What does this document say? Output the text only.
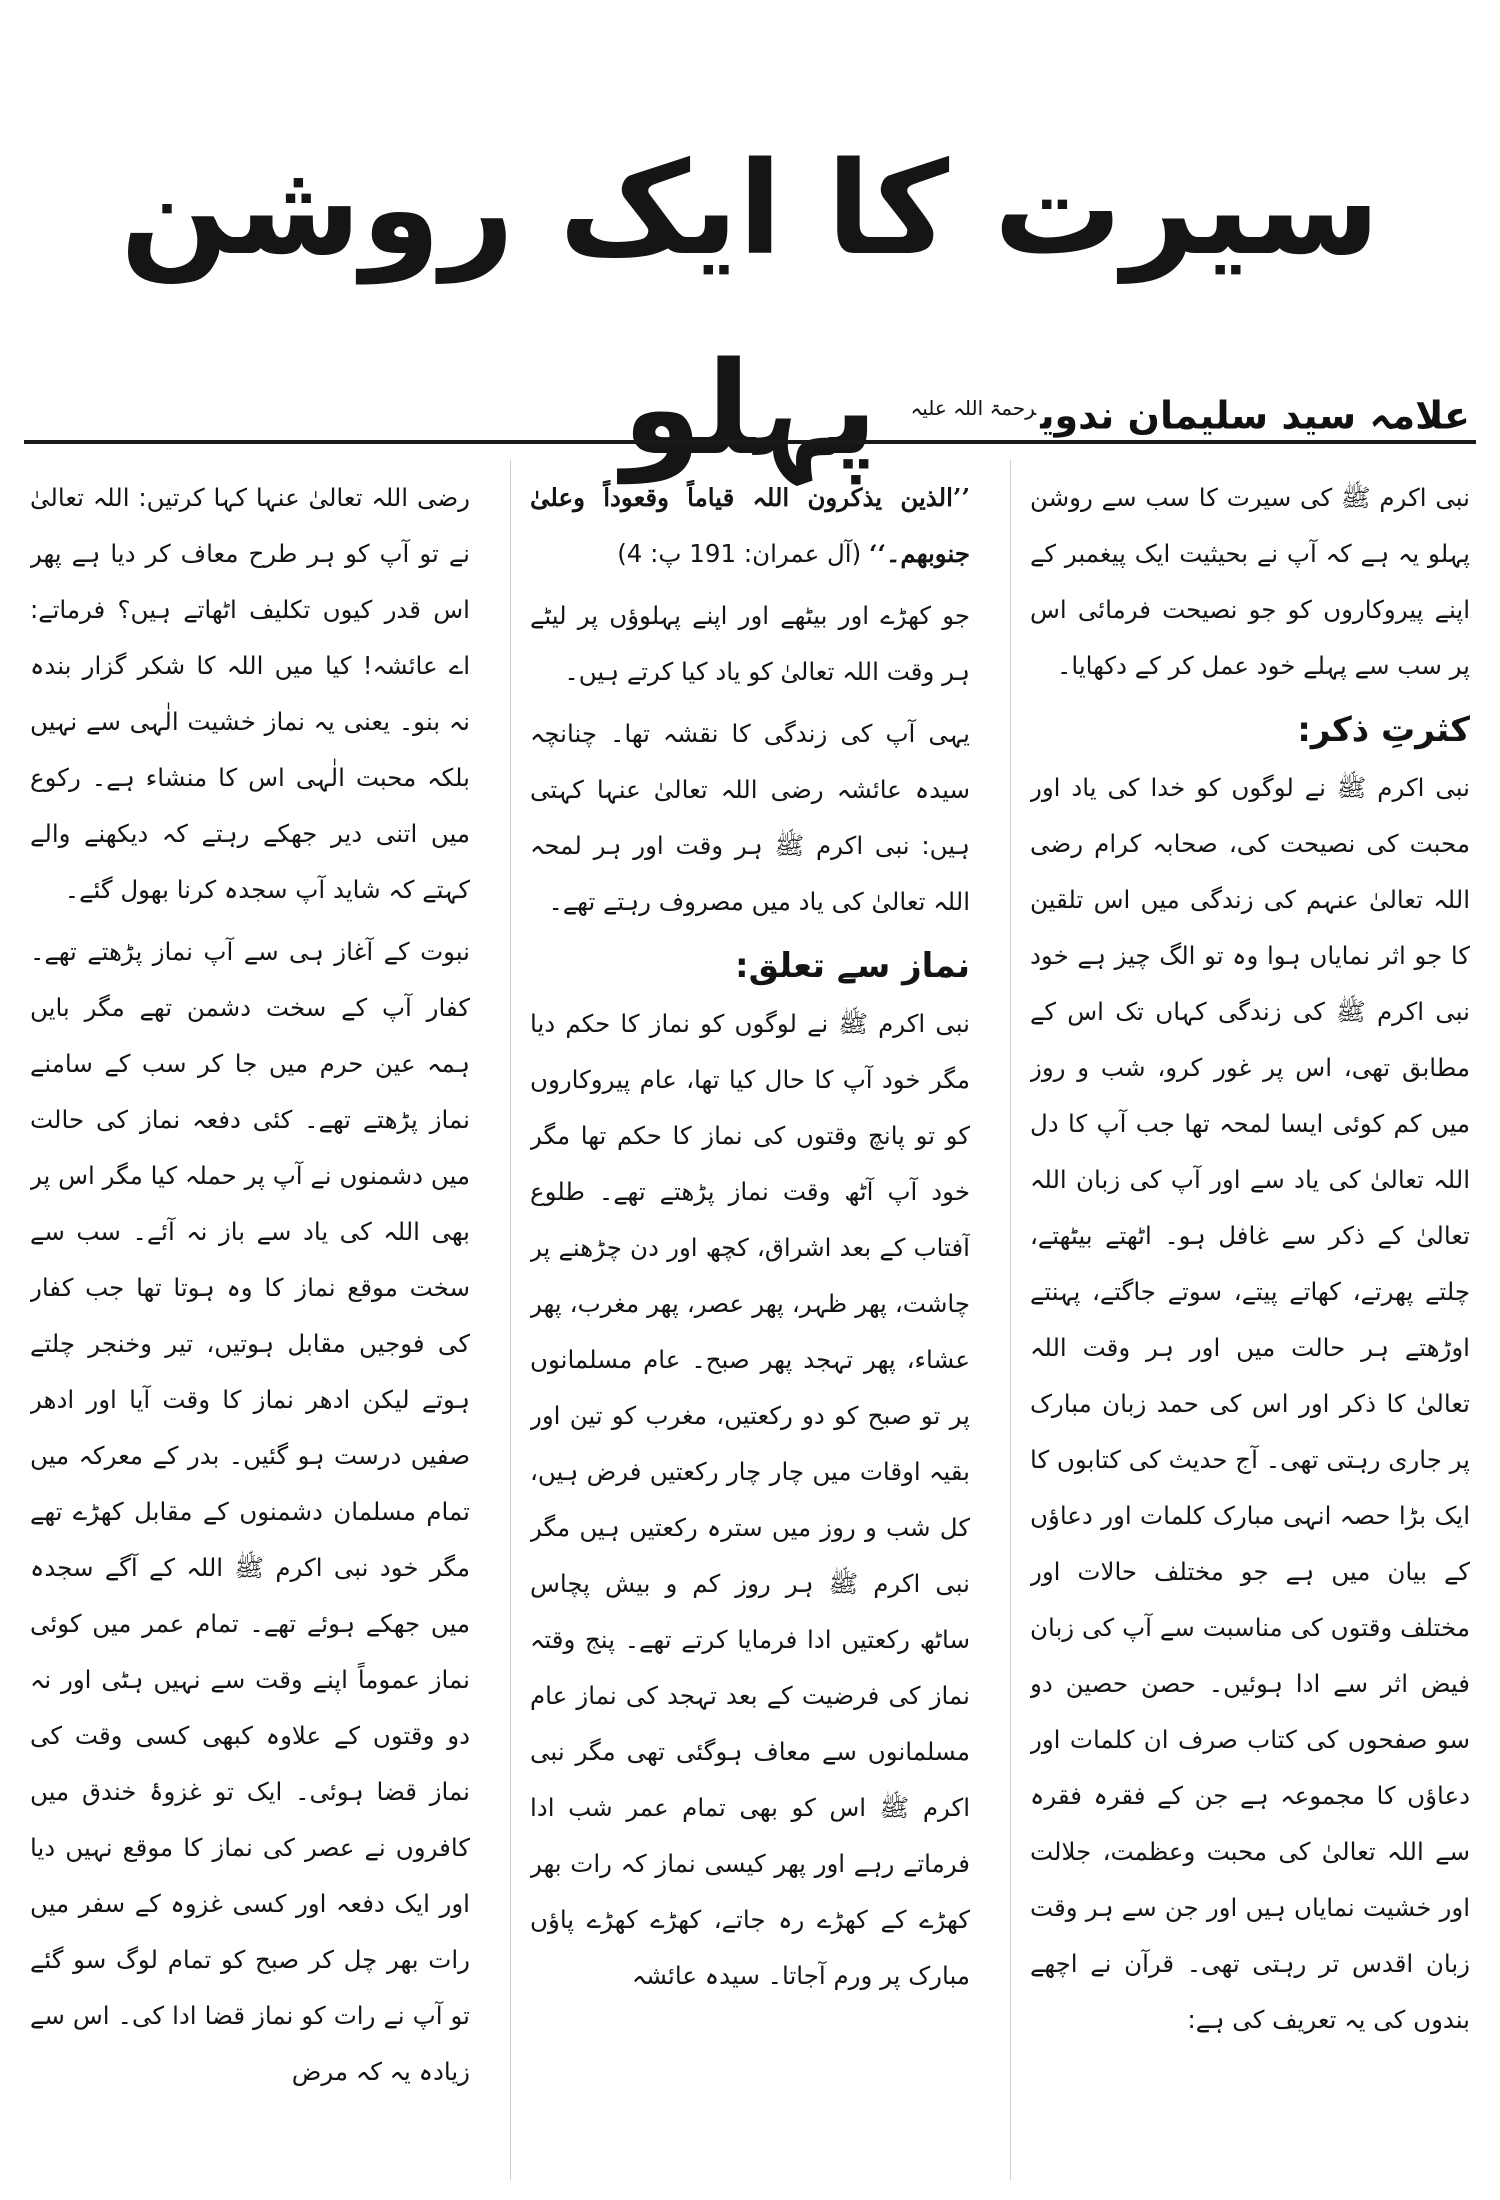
سیرت کا ایک روشن پہلو	علامہ سید سلیمان ندوی$^{رحمۃ اللہ علیہ}$

نبی اکرم ﷺ کی سیرت کا سب سے روشن پہلو یہ ہے کہ آپ نے بحیثیت ایک پیغمبر کے اپنے پیروکاروں کو جو نصیحت فرمائی اس پر سب سے پہلے خود عمل کر کے دکھایا۔

کثرتِ ذکر:

نبی اکرم ﷺ نے لوگوں کو خدا کی یاد اور محبت کی نصیحت کی، صحابہ کرام رضی اللہ تعالیٰ عنہم کی زندگی میں اس تلقین کا جو اثر نمایاں ہوا وہ تو الگ چیز ہے خود نبی اکرم ﷺ کی زندگی کہاں تک اس کے مطابق تھی، اس پر غور کرو، شب و روز میں کم کوئی ایسا لمحہ تھا جب آپ کا دل اللہ تعالیٰ کی یاد سے اور آپ کی زبان اللہ تعالیٰ کے ذکر سے غافل ہو۔ اٹھتے بیٹھتے، چلتے پھرتے، کھاتے پیتے، سوتے جاگتے، پہنتے اوڑھتے ہر حالت میں اور ہر وقت اللہ تعالیٰ کا ذکر اور اس کی حمد زبان مبارک پر جاری رہتی تھی۔ آج حدیث کی کتابوں کا ایک بڑا حصہ انہی مبارک کلمات اور دعاؤں کے بیان میں ہے جو مختلف حالات اور مختلف وقتوں کی مناسبت سے آپ کی زبان فیض اثر سے ادا ہوئیں۔ حصن حصین دو سو صفحوں کی کتاب صرف ان کلمات اور دعاؤں کا مجموعہ ہے جن کے فقرہ فقرہ سے اللہ تعالیٰ کی محبت وعظمت، جلالت اور خشیت نمایاں ہیں اور جن سے ہر وقت زبان اقدس تر رہتی تھی۔ قرآن نے اچھے بندوں کی یہ تعریف کی ہے:

’’الذین یذکرون اللہ قیاماً وقعوداً وعلیٰ جنوبھم۔‘‘ (آل عمران: 191 پ: 4)

جو کھڑے اور بیٹھے اور اپنے پہلوؤں پر لیٹے ہر وقت اللہ تعالیٰ کو یاد کیا کرتے ہیں۔

یہی آپ کی زندگی کا نقشہ تھا۔ چنانچہ سیدہ عائشہ رضی اللہ تعالیٰ عنہا کہتی ہیں: نبی اکرم ﷺ ہر وقت اور ہر لمحہ اللہ تعالیٰ کی یاد میں مصروف رہتے تھے۔

نماز سے تعلق:

نبی اکرم ﷺ نے لوگوں کو نماز کا حکم دیا مگر خود آپ کا حال کیا تھا، عام پیروکاروں کو تو پانچ وقتوں کی نماز کا حکم تھا مگر خود آپ آٹھ وقت نماز پڑھتے تھے۔ طلوع آفتاب کے بعد اشراق، کچھ اور دن چڑھنے پر چاشت، پھر ظہر، پھر عصر، پھر مغرب، پھر عشاء، پھر تہجد پھر صبح۔ عام مسلمانوں پر تو صبح کو دو رکعتیں، مغرب کو تین اور بقیہ اوقات میں چار چار رکعتیں فرض ہیں، کل شب و روز میں سترہ رکعتیں ہیں مگر نبی اکرم ﷺ ہر روز کم و بیش پچاس ساٹھ رکعتیں ادا فرمایا کرتے تھے۔ پنج وقتہ نماز کی فرضیت کے بعد تہجد کی نماز عام مسلمانوں سے معاف ہوگئی تھی مگر نبی اکرم ﷺ اس کو بھی تمام عمر شب ادا فرماتے رہے اور پھر کیسی نماز کہ رات بھر کھڑے کے کھڑے رہ جاتے، کھڑے کھڑے پاؤں مبارک پر ورم آجاتا۔ سیدہ عائشہ

رضی اللہ تعالیٰ عنہا کہا کرتیں: اللہ تعالیٰ نے تو آپ کو ہر طرح معاف کر دیا ہے پھر اس قدر کیوں تکلیف اٹھاتے ہیں؟ فرماتے: اے عائشہ! کیا میں اللہ کا شکر گزار بندہ نہ بنو۔ یعنی یہ نماز خشیت الٰہی سے نہیں بلکہ محبت الٰہی اس کا منشاء ہے۔ رکوع میں اتنی دیر جھکے رہتے کہ دیکھنے والے کہتے کہ شاید آپ سجدہ کرنا بھول گئے۔

نبوت کے آغاز ہی سے آپ نماز پڑھتے تھے۔ کفار آپ کے سخت دشمن تھے مگر بایں ہمہ عین حرم میں جا کر سب کے سامنے نماز پڑھتے تھے۔ کئی دفعہ نماز کی حالت میں دشمنوں نے آپ پر حملہ کیا مگر اس پر بھی اللہ کی یاد سے باز نہ آئے۔ سب سے سخت موقع نماز کا وہ ہوتا تھا جب کفار کی فوجیں مقابل ہوتیں، تیر وخنجر چلتے ہوتے لیکن ادھر نماز کا وقت آیا اور ادھر صفیں درست ہو گئیں۔ بدر کے معرکہ میں تمام مسلمان دشمنوں کے مقابل کھڑے تھے مگر خود نبی اکرم ﷺ اللہ کے آگے سجدہ میں جھکے ہوئے تھے۔ تمام عمر میں کوئی نماز عموماً اپنے وقت سے نہیں ہٹی اور نہ دو وقتوں کے علاوہ کبھی کسی وقت کی نماز قضا ہوئی۔ ایک تو غزوۂ خندق میں کافروں نے عصر کی نماز کا موقع نہیں دیا اور ایک دفعہ اور کسی غزوہ کے سفر میں رات بھر چل کر صبح کو تمام لوگ سو گئے تو آپ نے رات کو نماز قضا ادا کی۔ اس سے زیادہ یہ کہ مرض
